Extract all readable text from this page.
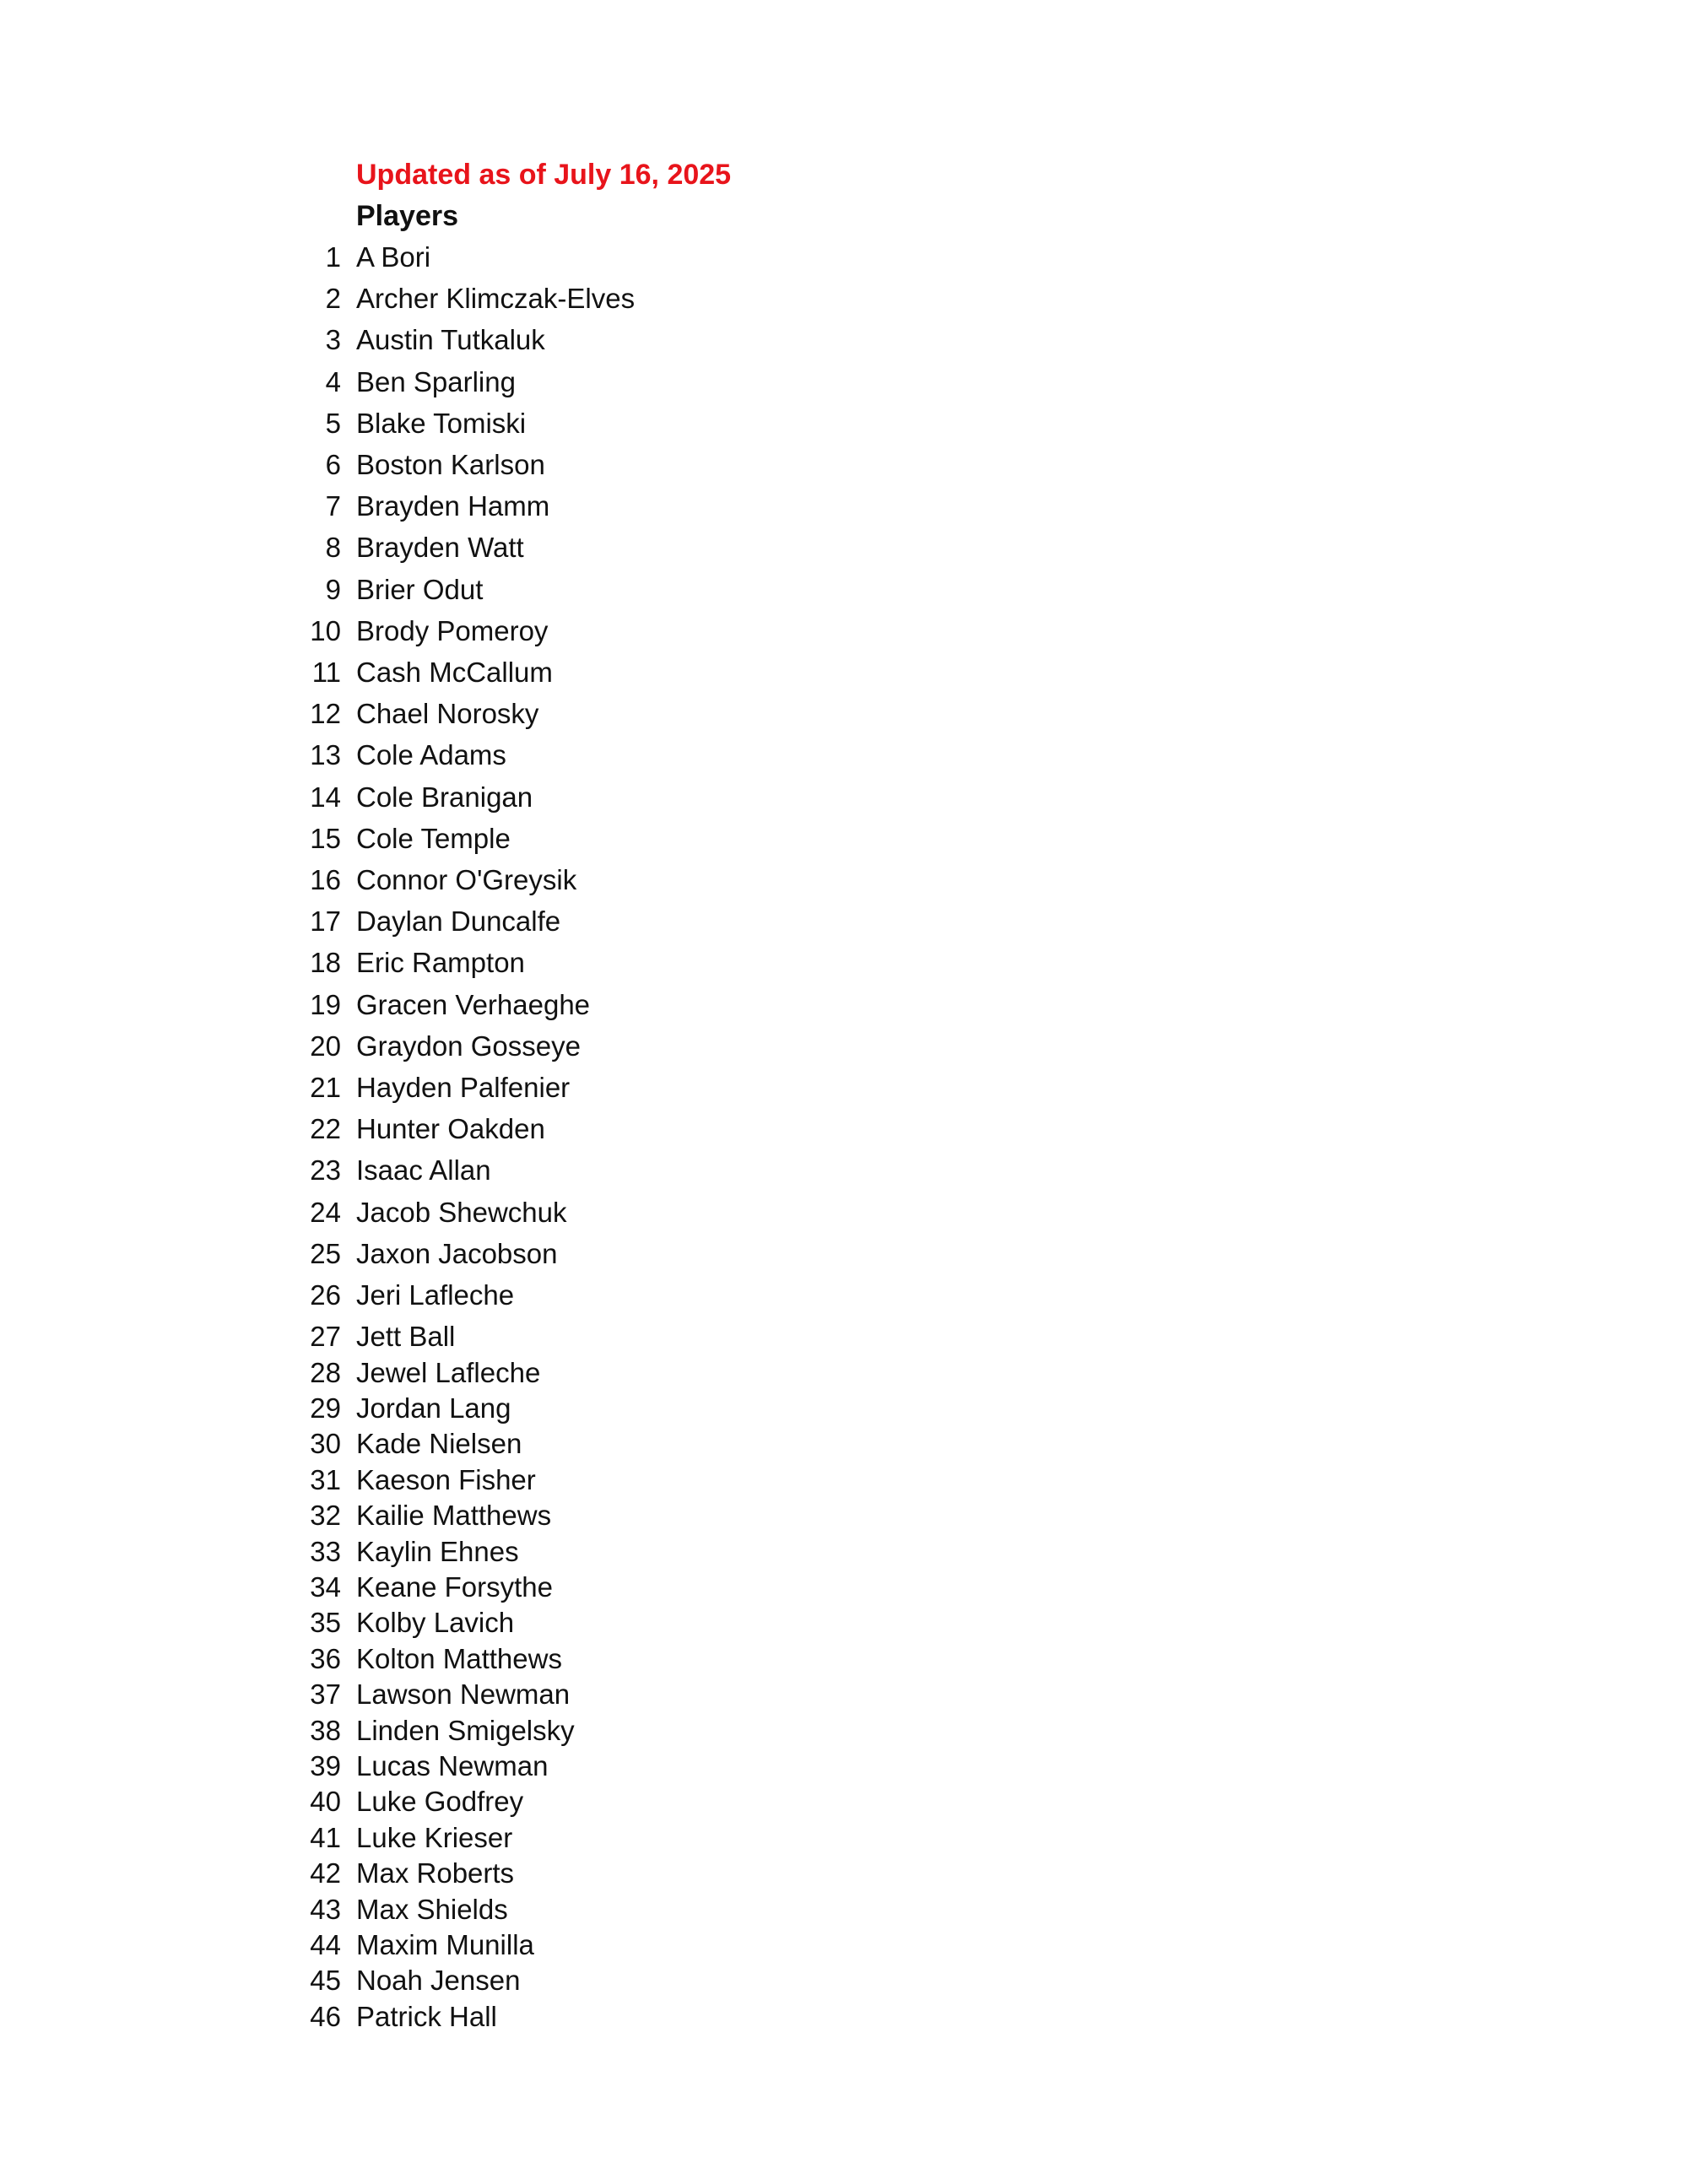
Updated as of July 16, 2025
Players
1 A Bori
2 Archer Klimczak-Elves
3 Austin Tutkaluk
4 Ben Sparling
5 Blake Tomiski
6 Boston Karlson
7 Brayden Hamm
8 Brayden Watt
9 Brier Odut
10 Brody Pomeroy
11 Cash McCallum
12 Chael Norosky
13 Cole Adams
14 Cole Branigan
15 Cole Temple
16 Connor O'Greysik
17 Daylan Duncalfe
18 Eric Rampton
19 Gracen Verhaeghe
20 Graydon Gosseye
21 Hayden Palfenier
22 Hunter Oakden
23 Isaac Allan
24 Jacob Shewchuk
25 Jaxon Jacobson
26 Jeri Lafleche
27 Jett Ball
28 Jewel Lafleche
29 Jordan Lang
30 Kade Nielsen
31 Kaeson Fisher
32 Kailie Matthews
33 Kaylin Ehnes
34 Keane Forsythe
35 Kolby Lavich
36 Kolton Matthews
37 Lawson Newman
38 Linden Smigelsky
39 Lucas Newman
40 Luke Godfrey
41 Luke Krieser
42 Max Roberts
43 Max Shields
44 Maxim Munilla
45 Noah Jensen
46 Patrick Hall
